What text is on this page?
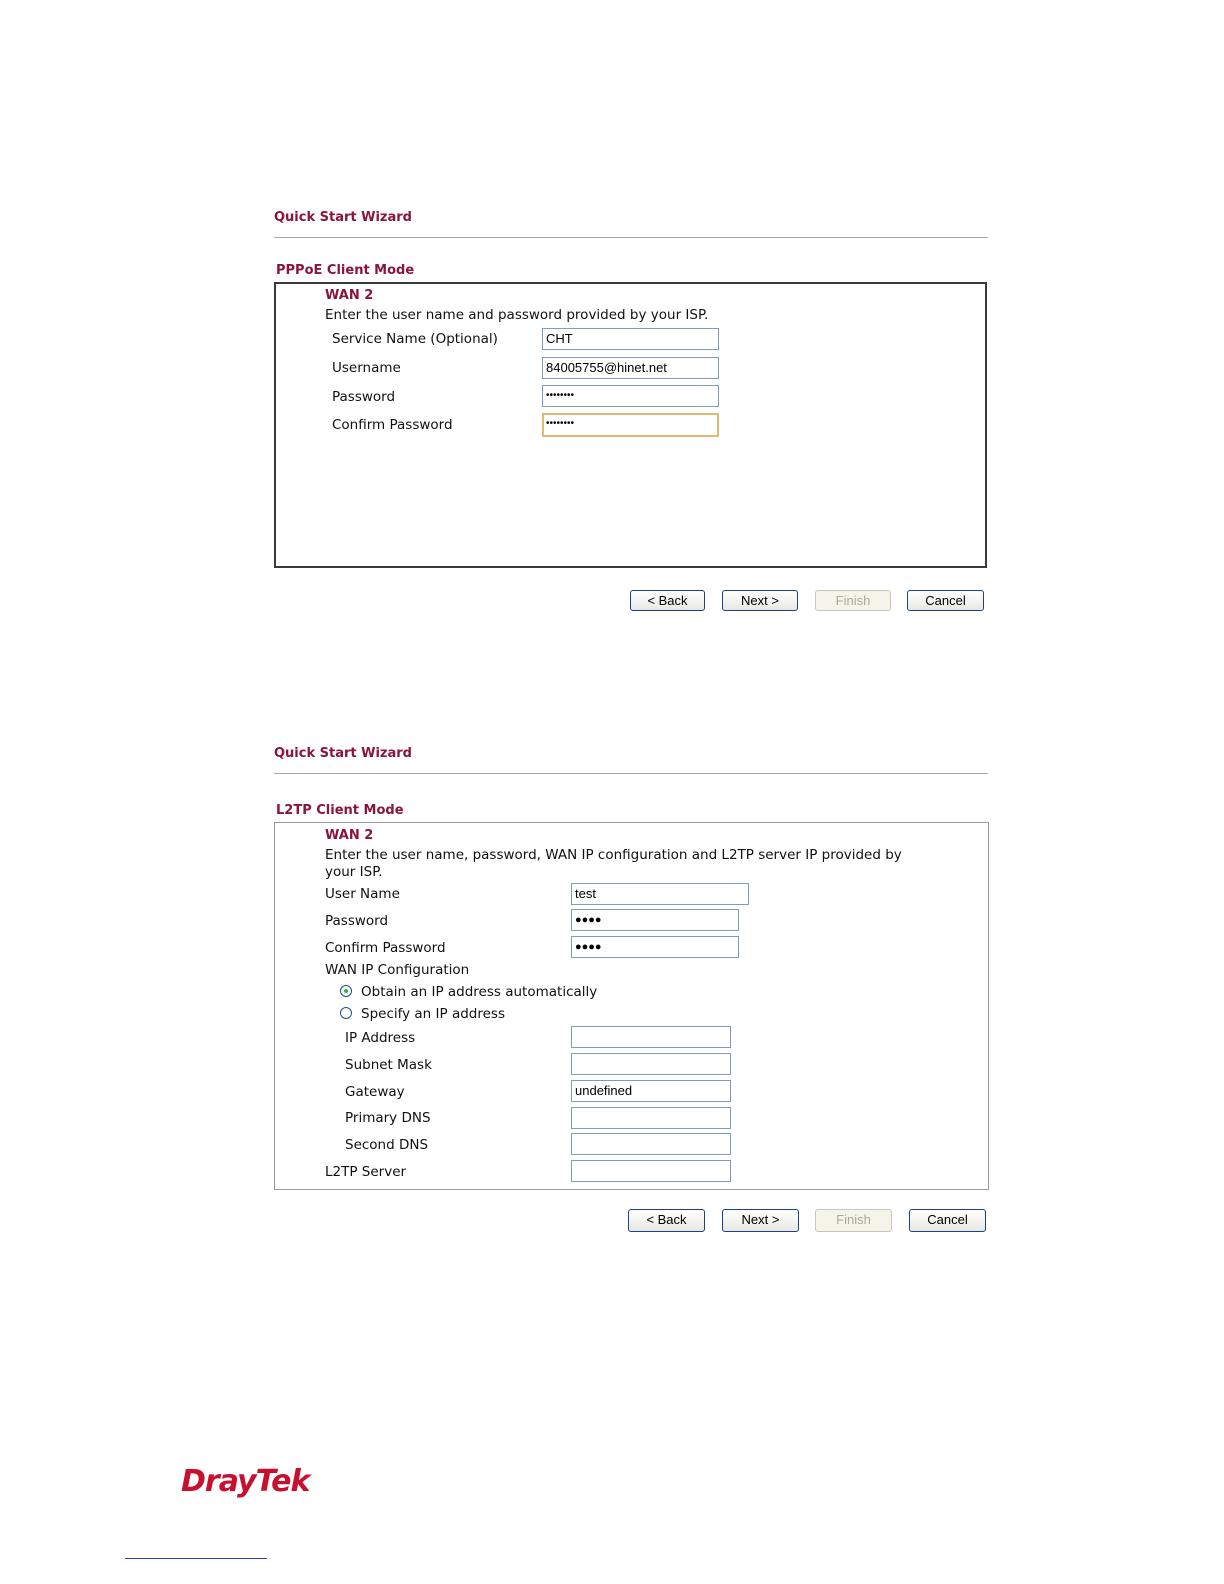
Quick Start Wizard
PPPoE Client Mode
WAN 2
Enter the user name and password provided by your ISP.
Service Name (Optional)	CHT
Username	84005755@hinet.net
Password	••••••••
Confirm Password	••••••••
< Back	Next >	Finish	Cancel
Quick Start Wizard
L2TP Client Mode
WAN 2
Enter the user name, password, WAN IP configuration and L2TP server IP provided by
your ISP.
User Name	test
Password	●●●●
Confirm Password	●●●●
WAN IP Configuration
Obtain an IP address automatically
Specify an IP address
IP Address
Subnet Mask
Gateway	undefined
Primary DNS
Second DNS
L2TP Server
< Back	Next >	Finish	Cancel
DrayTek
